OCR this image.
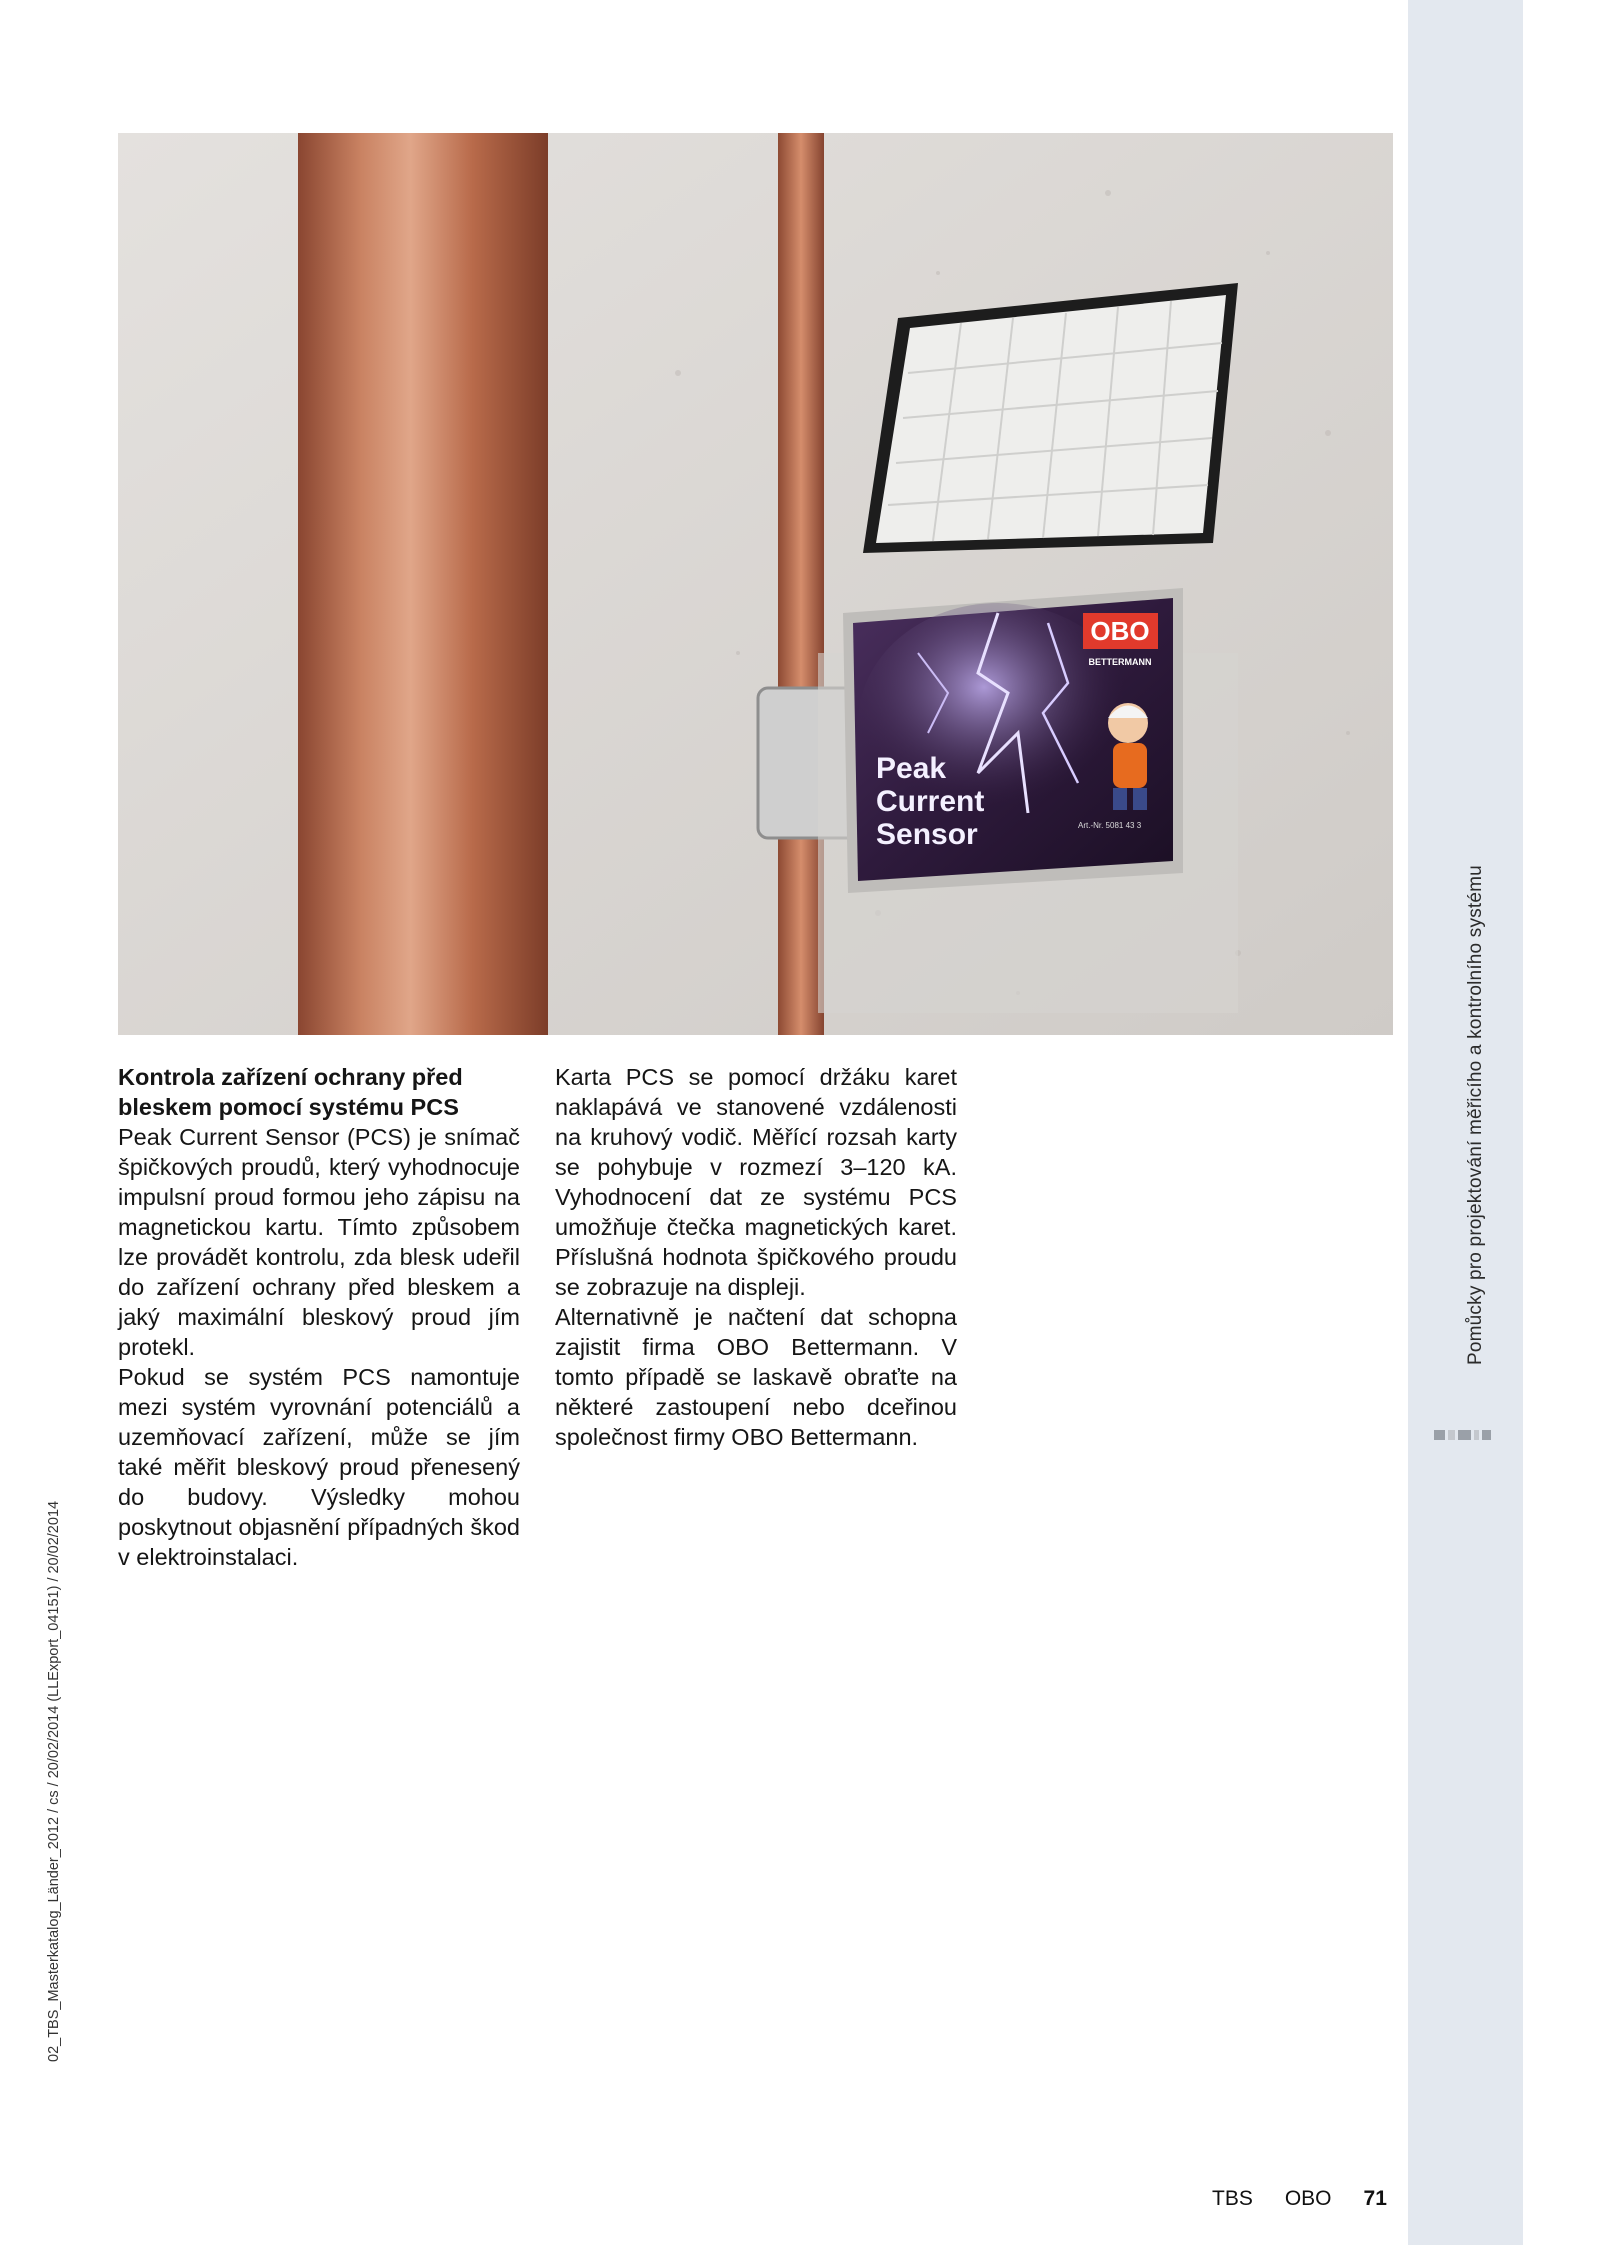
Pomůcky pro projektování měřicího a kontrolního systému
02_TBS_Masterkatalog_Länder_2012 / cs / 20/02/2014 (LLExport_04151) / 20/02/2014
OBO
BETTERMANN
Peak
Current
Sensor	Art.-Nr. 5081 43 3
Kontrola zařízení ochrany před bleskem pomocí systému PCS

Peak Current Sensor (PCS) je snímač špičkových proudů, který vyhodnocuje impulsní proud formou jeho zápisu na magnetickou kartu. Tímto způsobem lze provádět kontrolu, zda blesk udeřil do zařízení ochrany před bleskem a jaký maximální bleskový proud jím protekl.

Pokud se systém PCS namontuje mezi systém vyrovnání potenciálů a uzemňovací zařízení, může se jím také měřit bleskový proud přenesený do budovy. Výsledky mohou poskytnout objasnění případných škod v elektroinstalaci.

Karta PCS se pomocí držáku karet naklapává ve stanovené vzdálenosti na kruhový vodič. Měřící rozsah karty se pohybuje v rozmezí 3–120 kA. Vyhodnocení dat ze systému PCS umožňuje čtečka magnetických karet. Příslušná hodnota špičkového proudu se zobrazuje na displeji.

Alternativně je načtení dat schopna zajistit firma OBO Bettermann. V tomto případě se laskavě obraťte na některé zastoupení nebo dceřinou společnost firmy OBO Bettermann.

TBS OBO 71
